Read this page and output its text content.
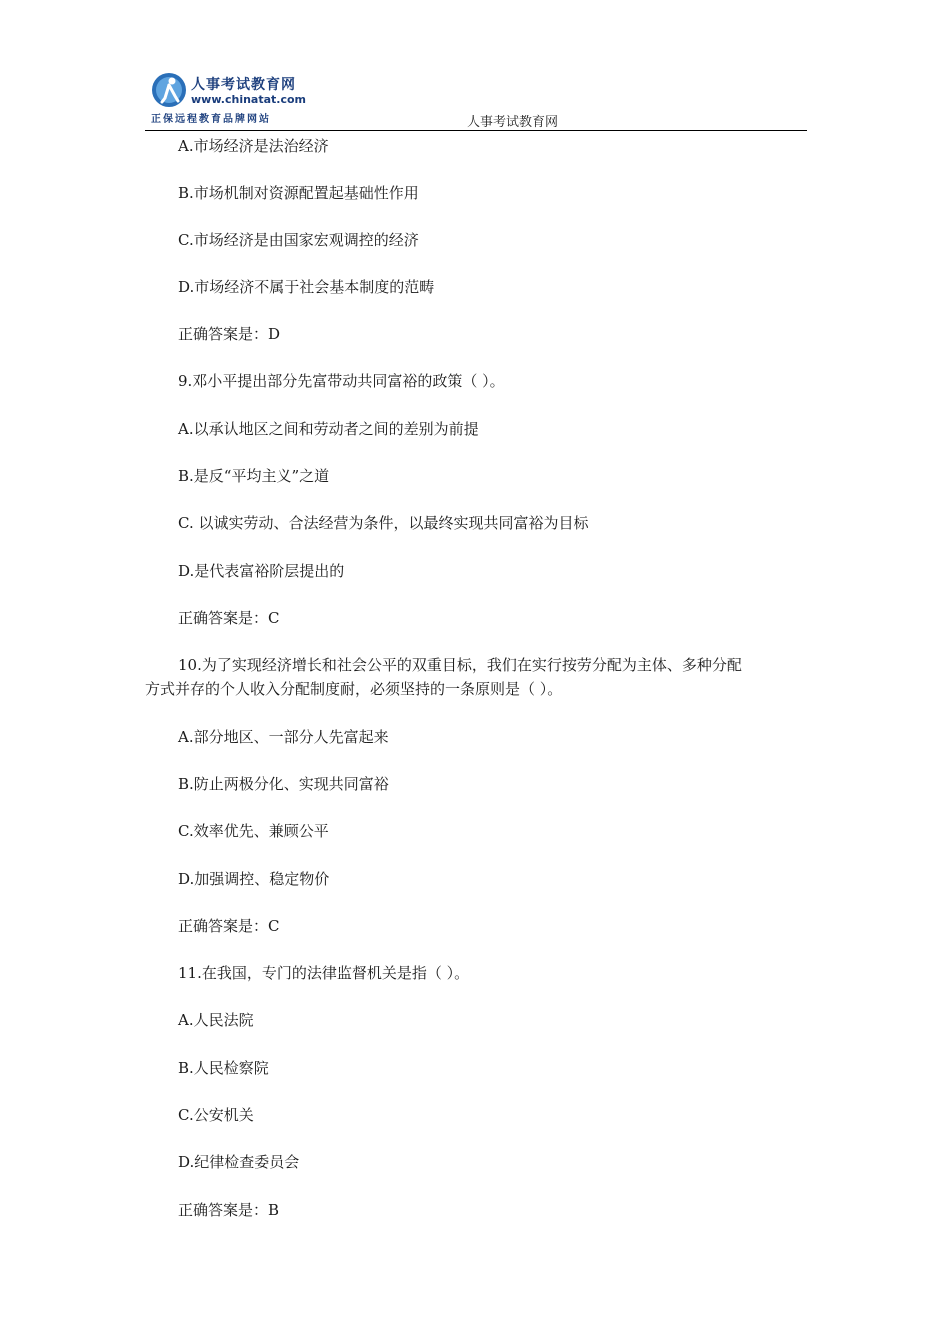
人事考试教育网
www.chinatat.com
正保远程教育品牌网站	人事考试教育网
A.市场经济是法治经济
B.市场机制对资源配置起基础性作用
C.市场经济是由国家宏观调控的经济
D.市场经济不属于社会基本制度的范畴
正确答案是：D
9.邓小平提出部分先富带动共同富裕的政策（ ）。
A.以承认地区之间和劳动者之间的差别为前提
B.是反“平均主义”之道
C. 以诚实劳动、合法经营为条件，以最终实现共同富裕为目标
D.是代表富裕阶层提出的
正确答案是：C
10.为了实现经济增长和社会公平的双重目标，我们在实行按劳分配为主体、多种分配
方式并存的个人收入分配制度耐，必须坚持的一条原则是（ ）。
A.部分地区、一部分人先富起来
B.防止两极分化、实现共同富裕
C.效率优先、兼顾公平
D.加强调控、稳定物价
正确答案是：C
11.在我国，专门的法律监督机关是指（ ）。
A.人民法院
B.人民检察院
C.公安机关
D.纪律检查委员会
正确答案是：B
